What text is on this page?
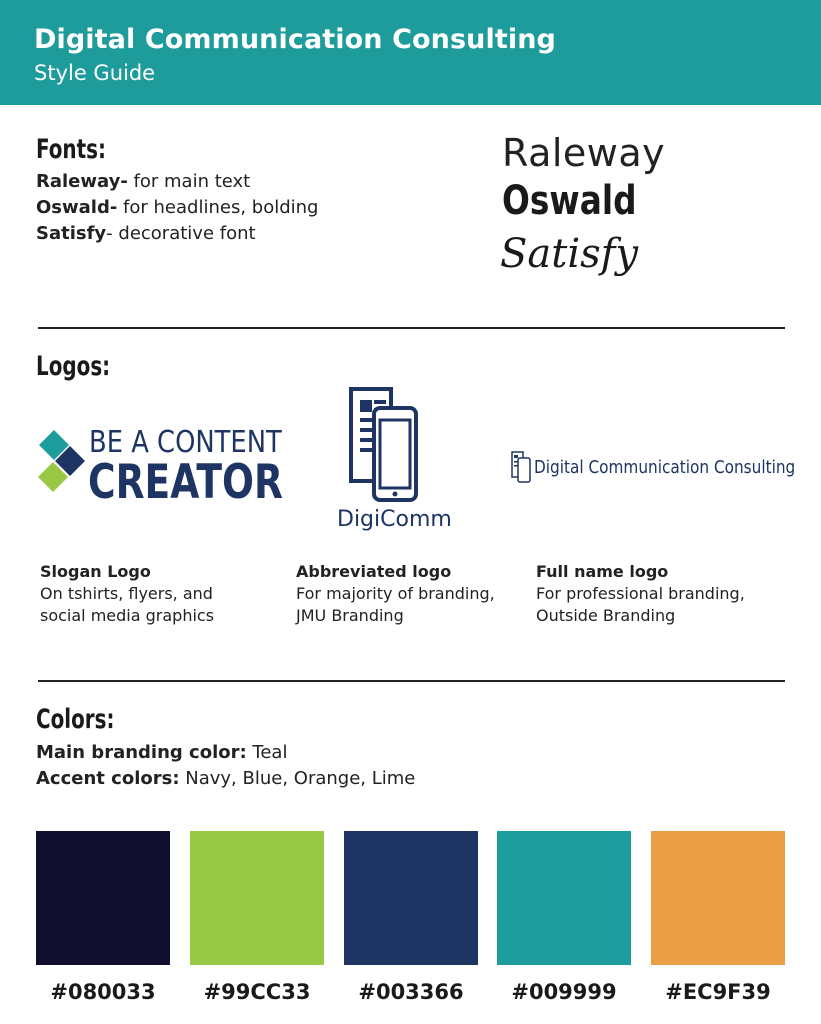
Digital Communication Consulting
Style Guide
Fonts:
Raleway- for main text
Oswald- for headlines, bolding
Satisfy- decorative font
Raleway
Oswald
Satisfy
Logos:
BE A CONTENT
CREATOR
DigiComm
Digital Communication Consulting
Slogan Logo
On tshirts, flyers, and
social media graphics
Abbreviated logo
For majority of branding,
JMU Branding
Full name logo
For professional branding,
Outside Branding
Colors:
Main branding color: Teal
Accent colors: Navy, Blue, Orange, Lime
#080033	#99CC33	#003366	#009999	#EC9F39
